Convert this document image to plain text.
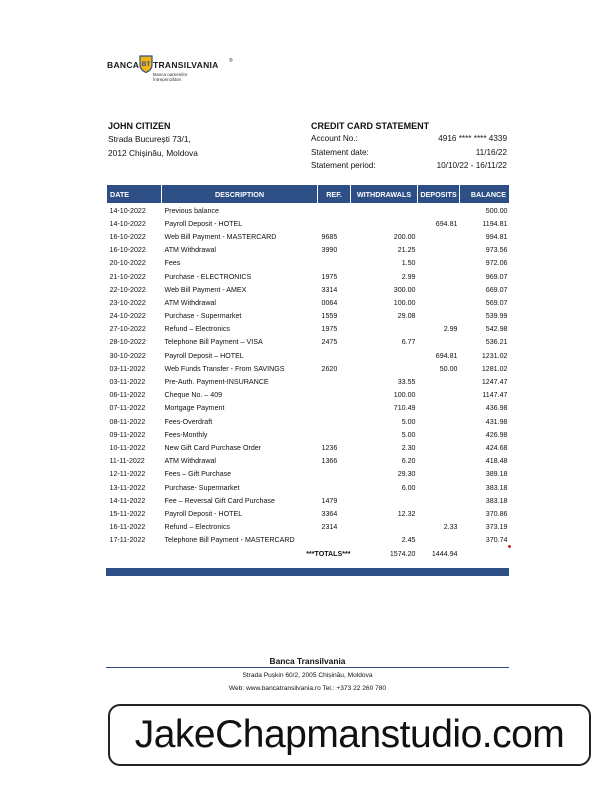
BANCA BT TRANSILVANIA ®
Banca oamenilor
întreprinzători
JOHN CITIZEN
Strada București 73/1,
2012 Chișinău, Moldova
CREDIT CARD STATEMENT
Account No.:	4916 **** **** 4339
Statement date:	11/16/22
Statement period:	10/10/22 - 16/11/22
DATE	DESCRIPTION	REF.	WITHDRAWALS	DEPOSITS	BALANCE
14-10-2022	Previous balance				500.00
14-10-2022	Payroll Deposit - HOTEL			694.81	1194.81
16-10-2022	Web Bill Payment - MASTERCARD	9685	200.00		994.81
16-10-2022	ATM Withdrawal	3990	21.25		973.56
20-10-2022	Fees		1.50		972.06
21-10-2022	Purchase - ELECTRONICS	1975	2.99		969.07
22-10-2022	Web Bill Payment - AMEX	3314	300.00		669.07
23-10-2022	ATM Withdrawal	0064	100.00		569.07
24-10-2022	Purchase - Supermarket	1559	29.08		539.99
27-10-2022	Refund – Electronics	1975		2.99	542.98
28-10-2022	Telephone Bill Payment – VISA	2475	6.77		536.21
30-10-2022	Payroll Deposit – HOTEL			694.81	1231.02
03-11-2022	Web Funds Transfer - From SAVINGS	2620		50.00	1281.02
03-11-2022	Pre-Auth. Payment-INSURANCE		33.55		1247.47
06-11-2022	Cheque No. – 409		100.00		1147.47
07-11-2022	Mortgage Payment		710.49		436.98
08-11-2022	Fees-Overdraft		5.00		431.98
09-11-2022	Fees-Monthly		5.00		426.98
10-11-2022	New Gift Card Purchase Order	1236	2.30		424.68
11-11-2022	ATM Withdrawal	1366	6.20		418.48
12-11-2022	Fees – Gift Purchase		29.30		389.18
13-11-2022	Purchase- Supermarket		6.00		383.18
14-11-2022	Fee – Reversal Gift Card Purchase	1479			383.18
15-11-2022	Payroll Deposit - HOTEL	3364	12.32		370.86
16-11-2022	Refund – Electronics	2314		2.33	373.19
17-11-2022	Telephone Bill Payment - MASTERCARD		2.45		370.74
***TOTALS***			1574.20	1444.94	
Banca Transilvania
Strada Pușkin 60/2, 2005 Chișinău, Moldova
Web: www.bancatransilvania.ro Tel.: +373 22 260 780
JakeChapmanstudio.com
